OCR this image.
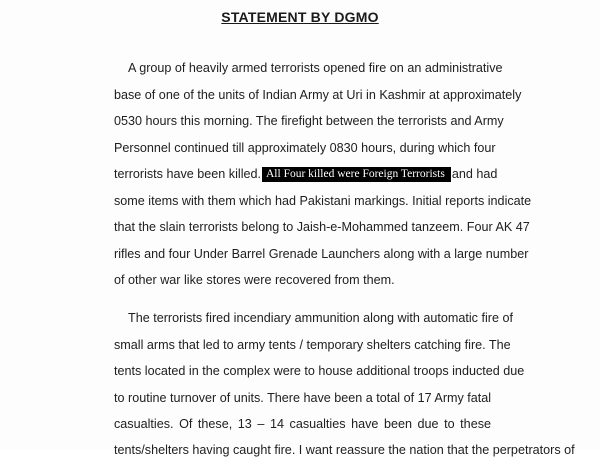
STATEMENT BY DGMO
A group of heavily armed terrorists opened fire on an administrative
base of one of the units of Indian Army at Uri in Kashmir at approximately
0530 hours this morning. The firefight between the terrorists and Army
Personnel continued till approximately 0830 hours, during which four
terrorists have been killed. All Four killed were Foreign Terrorists and had
some items with them which had Pakistani markings. Initial reports indicate
that the slain terrorists belong to Jaish-e-Mohammed tanzeem. Four AK 47
rifles and four Under Barrel Grenade Launchers along with a large number
of other war like stores were recovered from them.
The terrorists fired incendiary ammunition along with automatic fire of
small arms that led to army tents / temporary shelters catching fire. The
tents located in the complex were to house additional troops inducted due
to routine turnover of units. There have been a total of 17 Army fatal
casualties. Of these, 13 – 14 casualties have been due to these
tents/shelters having caught fire. I want reassure the nation that the perpetrators of
